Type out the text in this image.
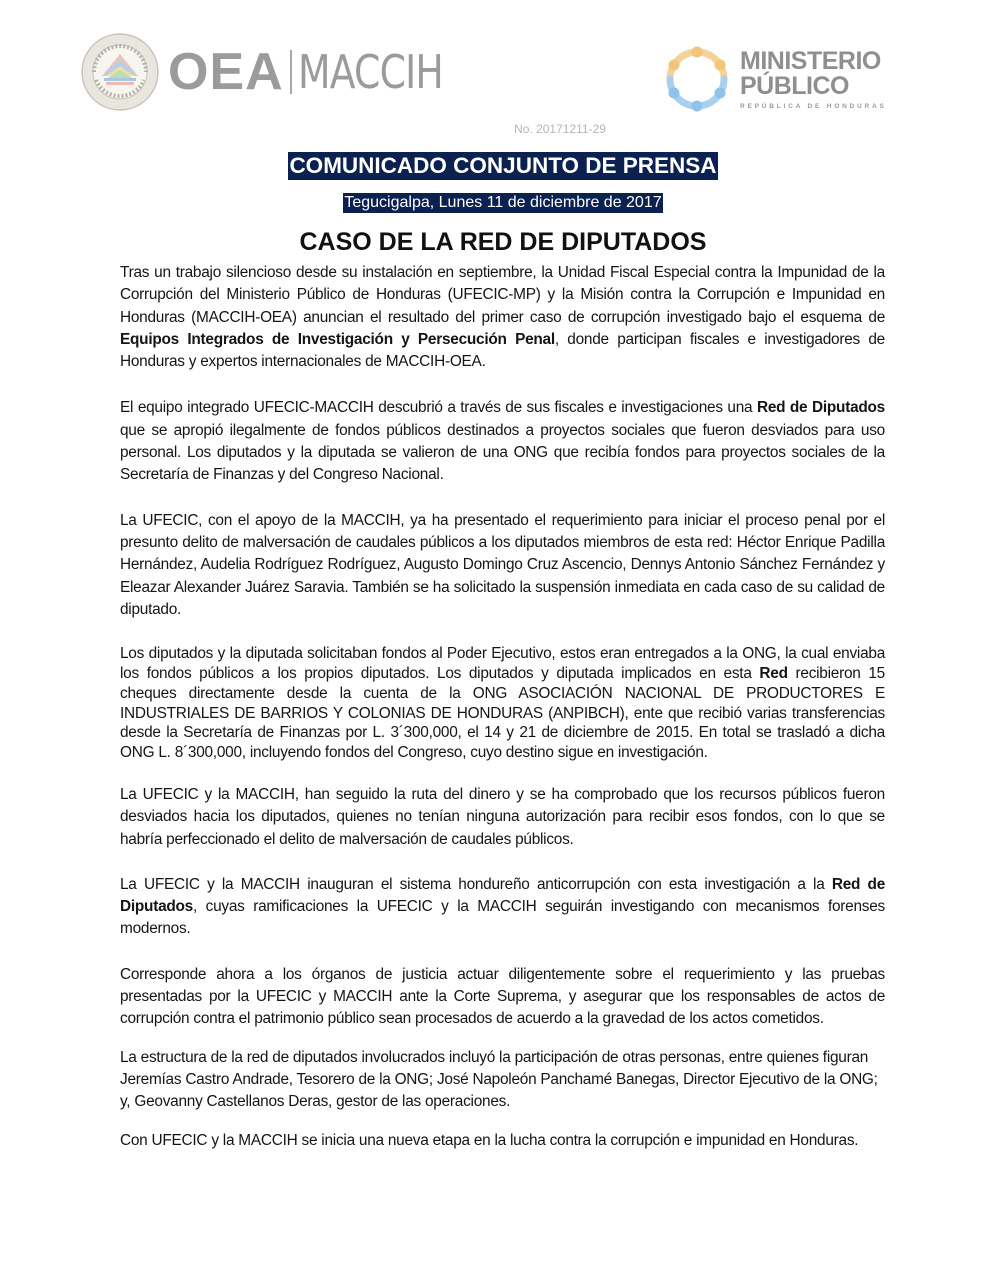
OEA MACCIH	MINISTERIO
PÚBLICO
REPÚBLICA DE HONDURAS
No. 20171211-29
COMUNICADO CONJUNTO DE PRENSA
Tegucigalpa, Lunes 11 de diciembre de 2017
CASO DE LA RED DE DIPUTADOS

Tras un trabajo silencioso desde su instalación en septiembre, la Unidad Fiscal Especial contra la Impunidad de la Corrupción del Ministerio Público de Honduras (UFECIC-MP) y la Misión contra la Corrupción e Impunidad en Honduras (MACCIH-OEA) anuncian el resultado del primer caso de corrupción investigado bajo el esquema de Equipos Integrados de Investigación y Persecución Penal, donde participan fiscales e investigadores de Honduras y expertos internacionales de MACCIH-OEA.

El equipo integrado UFECIC-MACCIH descubrió a través de sus fiscales e investigaciones una Red de Diputados que se apropió ilegalmente de fondos públicos destinados a proyectos sociales que fueron desviados para uso personal. Los diputados y la diputada se valieron de una ONG que recibía fondos para proyectos sociales de la Secretaría de Finanzas y del Congreso Nacional.

La UFECIC, con el apoyo de la MACCIH, ya ha presentado el requerimiento para iniciar el proceso penal por el presunto delito de malversación de caudales públicos a los diputados miembros de esta red: Héctor Enrique Padilla Hernández, Audelia Rodríguez Rodríguez, Augusto Domingo Cruz Ascencio, Dennys Antonio Sánchez Fernández y Eleazar Alexander Juárez Saravia. También se ha solicitado la suspensión inmediata en cada caso de su calidad de diputado.

Los diputados y la diputada solicitaban fondos al Poder Ejecutivo, estos eran entregados a la ONG, la cual enviaba los fondos públicos a los propios diputados. Los diputados y diputada implicados en esta Red recibieron 15 cheques directamente desde la cuenta de la ONG ASOCIACIÓN NACIONAL DE PRODUCTORES E INDUSTRIALES DE BARRIOS Y COLONIAS DE HONDURAS (ANPIBCH), ente que recibió varias transferencias desde la Secretaría de Finanzas por L. 3´300,000, el 14 y 21 de diciembre de 2015. En total se trasladó a dicha ONG L. 8´300,000, incluyendo fondos del Congreso, cuyo destino sigue en investigación.

La UFECIC y la MACCIH, han seguido la ruta del dinero y se ha comprobado que los recursos públicos fueron desviados hacia los diputados, quienes no tenían ninguna autorización para recibir esos fondos, con lo que se habría perfeccionado el delito de malversación de caudales públicos.

La UFECIC y la MACCIH inauguran el sistema hondureño anticorrupción con esta investigación a la Red de Diputados, cuyas ramificaciones la UFECIC y la MACCIH seguirán investigando con mecanismos forenses modernos.

Corresponde ahora a los órganos de justicia actuar diligentemente sobre el requerimiento y las pruebas presentadas por la UFECIC y MACCIH ante la Corte Suprema, y asegurar que los responsables de actos de corrupción contra el patrimonio público sean procesados de acuerdo a la gravedad de los actos cometidos.

La estructura de la red de diputados involucrados incluyó la participación de otras personas, entre quienes figuran Jeremías Castro Andrade, Tesorero de la ONG; José Napoleón Panchamé Banegas, Director Ejecutivo de la ONG; y, Geovanny Castellanos Deras, gestor de las operaciones.

Con UFECIC y la MACCIH se inicia una nueva etapa en la lucha contra la corrupción e impunidad en Honduras.
